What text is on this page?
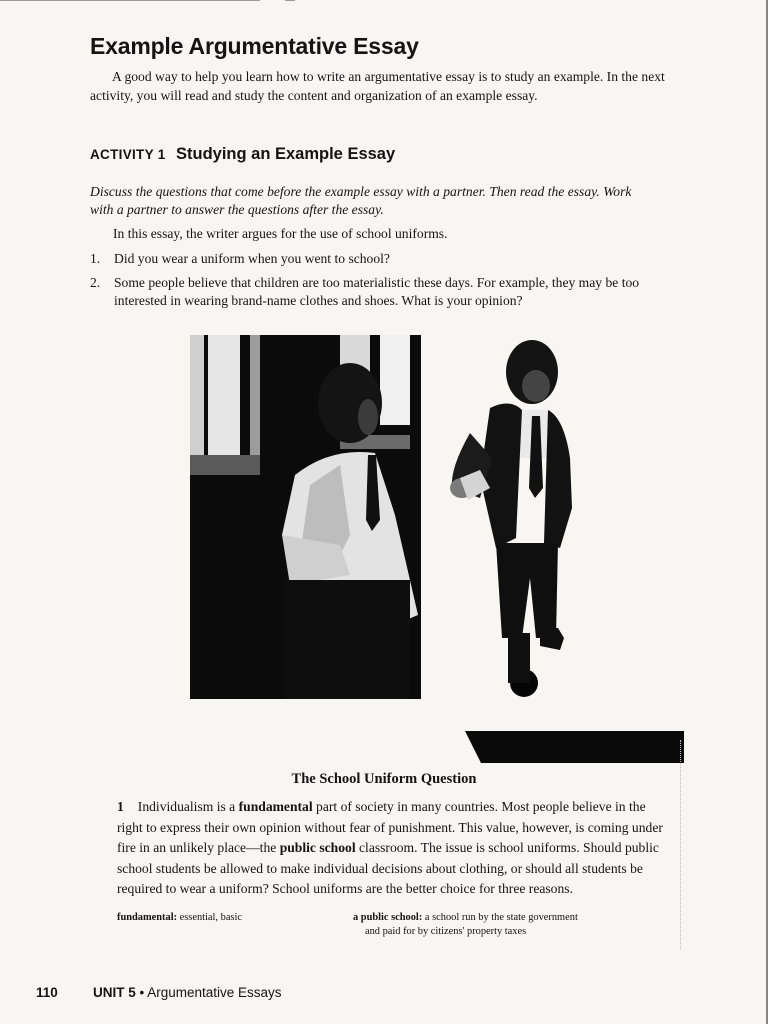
Example Argumentative Essay

A good way to help you learn how to write an argumentative essay is to study an example. In the next activity, you will read and study the content and organization of an example essay.

ACTIVITY 1 Studying an Example Essay

Discuss the questions that come before the example essay with a partner. Then read the essay. Work with a partner to answer the questions after the essay.

In this essay, the writer argues for the use of school uniforms.

1.	Did you wear a uniform when you went to school?
2.	Some people believe that children are too materialistic these days. For example, they may be too interested in wearing brand-name clothes and shoes. What is your opinion?
The School Uniform Question

1 Individualism is a fundamental part of society in many countries. Most people believe in the right to express their own opinion without fear of punishment. This value, however, is coming under fire in an unlikely place—the public school classroom. The issue is school uniforms. Should public school students be allowed to make individual decisions about clothing, or should all students be required to wear a uniform? School uniforms are the better choice for three reasons.

fundamental: essential, basic	a public school: a school run by the state government
and paid for by citizens' property taxes
110	UNIT 5 • Argumentative Essays
